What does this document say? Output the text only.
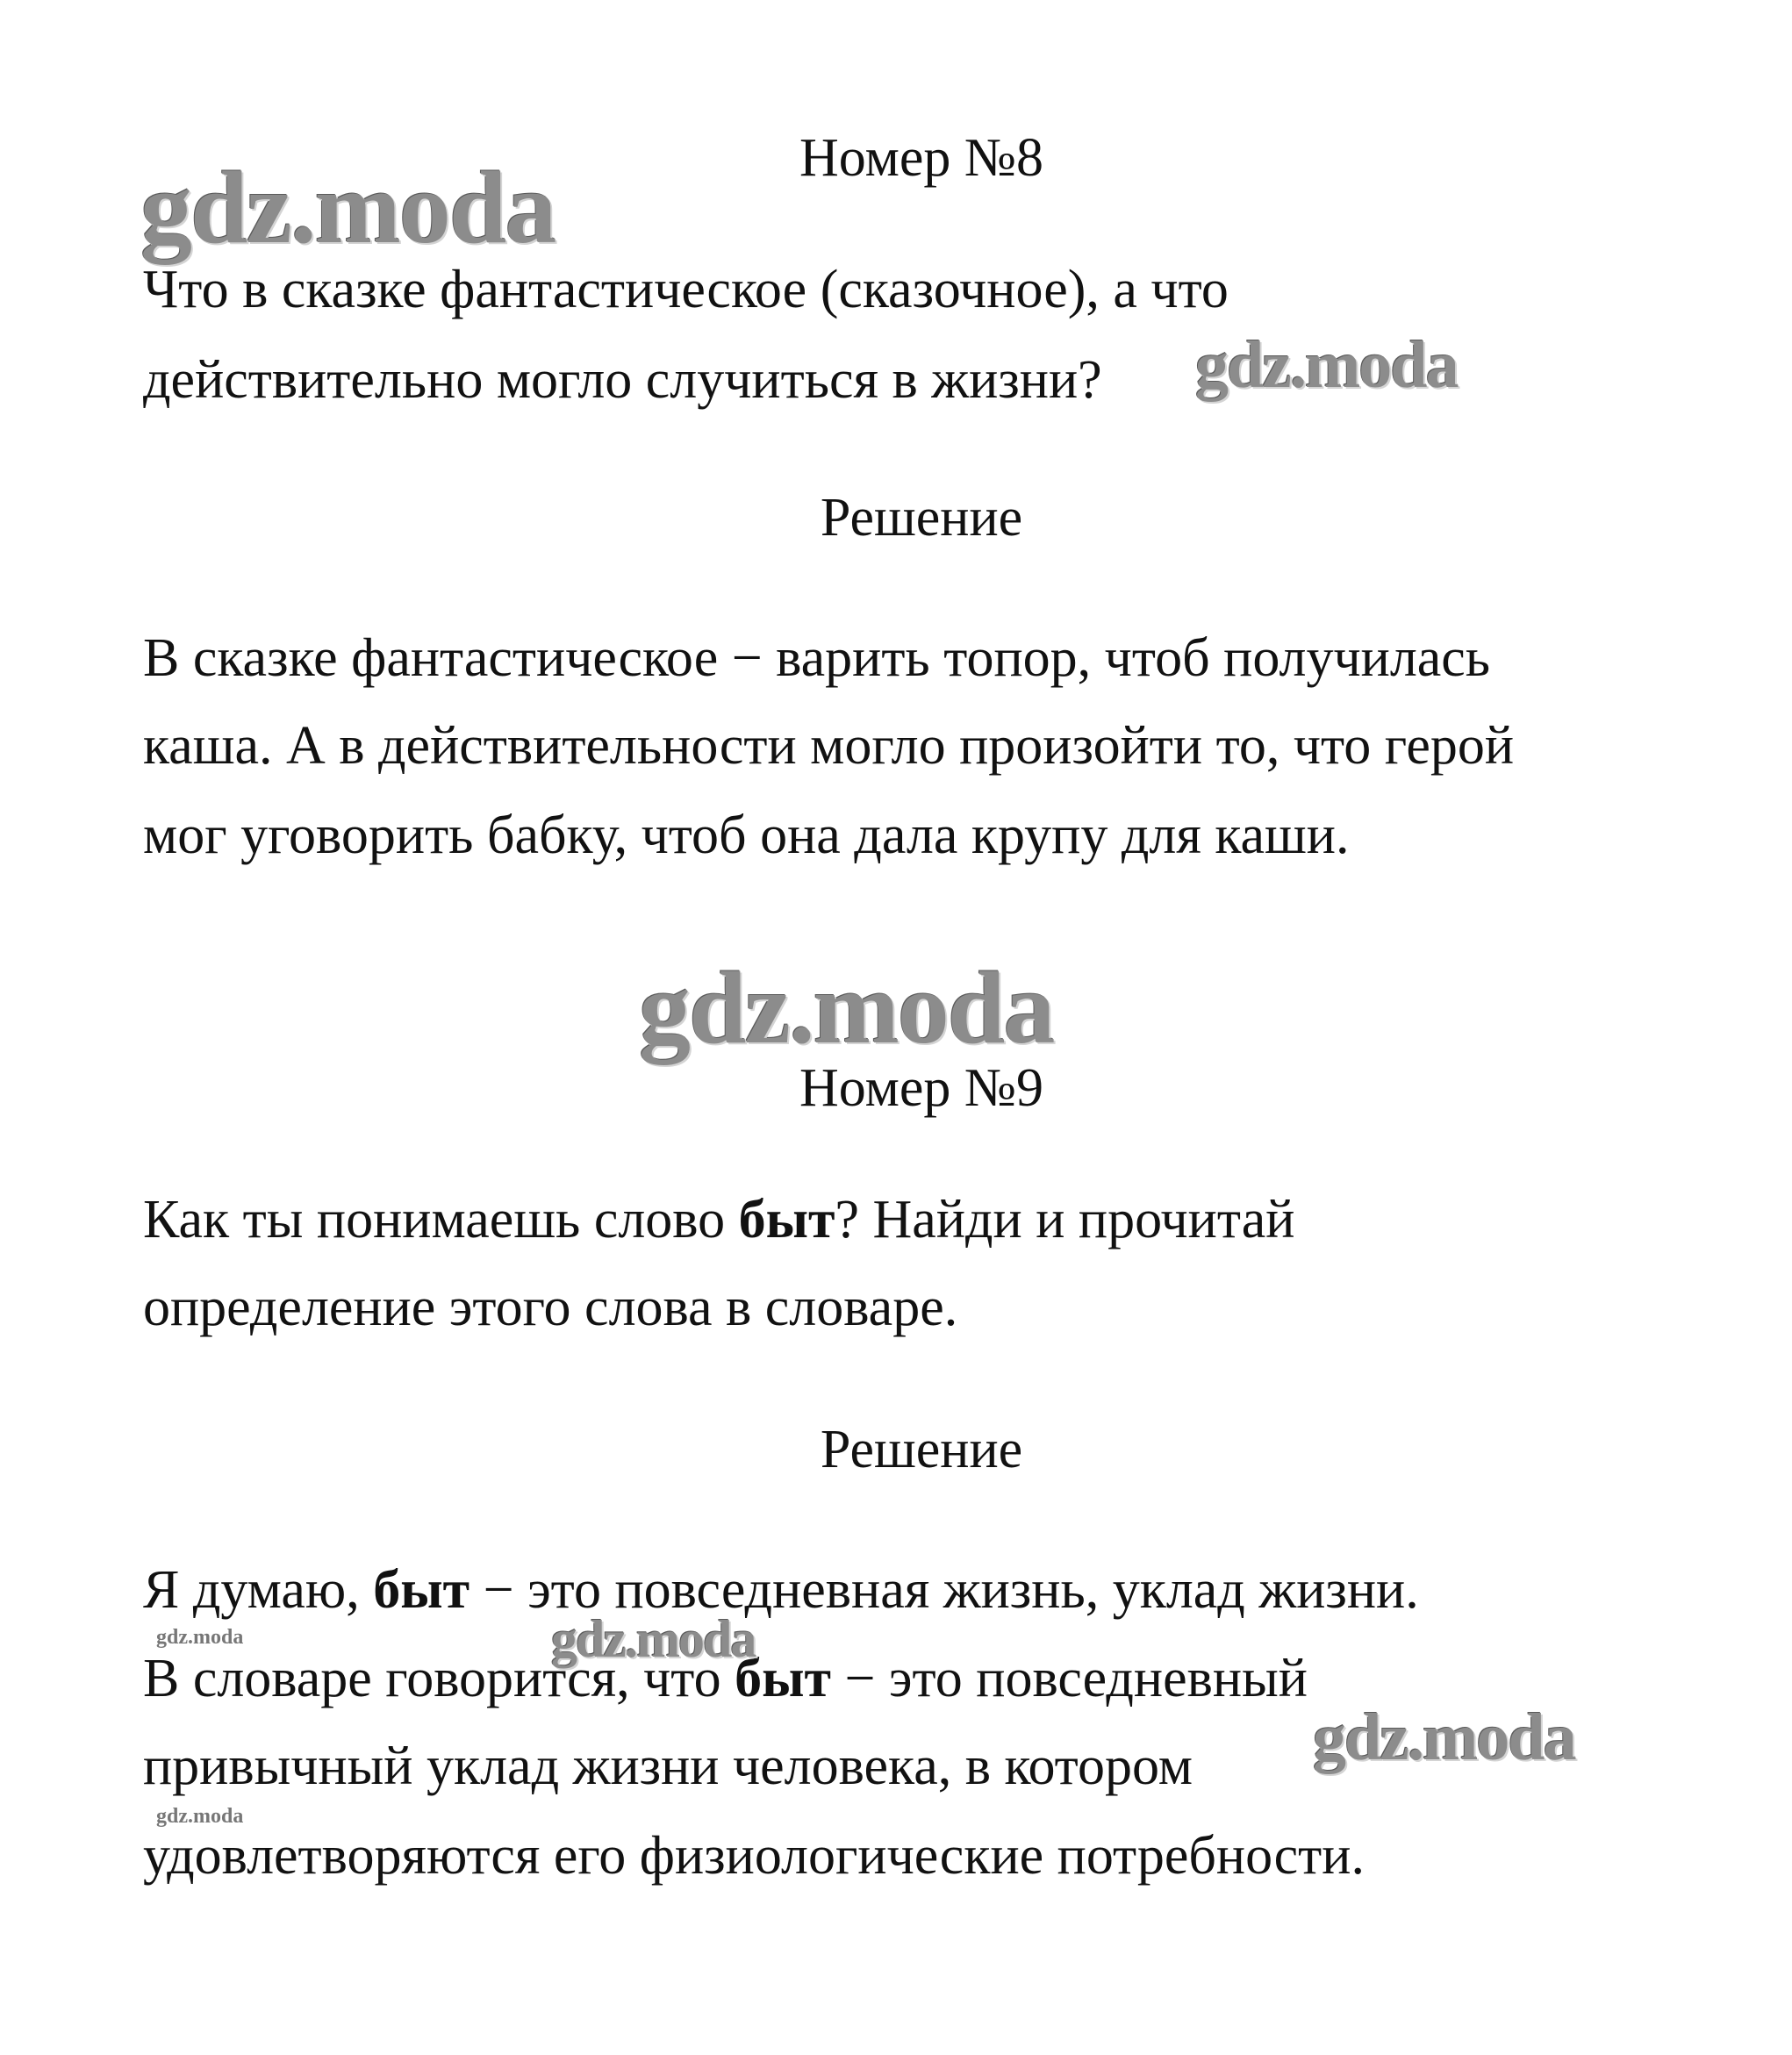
Номер №8

Что в сказке фантастическое (сказочное), а что

действительно могло случиться в жизни?

Решение

В сказке фантастическое − варить топор, чтоб получилась

каша. А в действительности могло произойти то, что герой

мог уговорить бабку, чтоб она дала крупу для каши.

Номер №9

Как ты понимаешь слово быт? Найди и прочитай

определение этого слова в словаре.

Решение

Я думаю, быт − это повседневная жизнь, уклад жизни.

В словаре говорится, что быт − это повседневный

привычный уклад жизни человека, в котором

удовлетворяются его физиологические потребности.

gdz.moda
gdz.moda
gdz.moda
gdz.moda	gdz.moda
gdz.moda
gdz.moda
